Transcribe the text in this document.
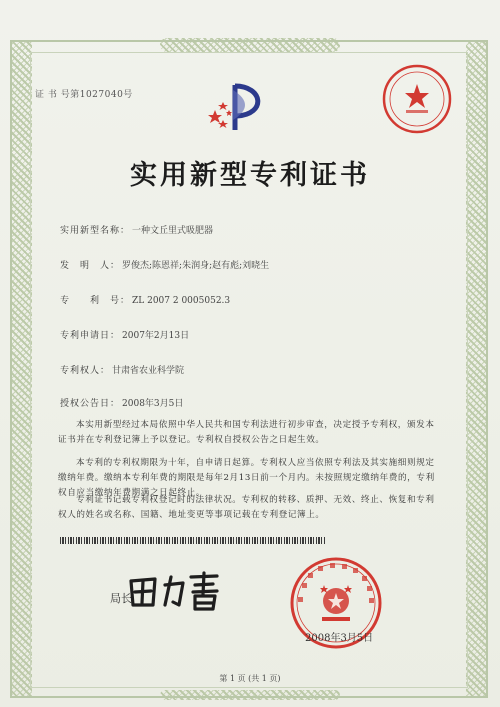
证 书 号第1027040号
实用新型专利证书
实用新型名称： 一种文丘里式吸肥器
发　明　人： 罗俊杰;陈恩祥;朱润身;赵有彪;刘晓生
专　　利　号： ZL 2007 2 0005052.3
专利申请日： 2007年2月13日
专利权人： 甘肃省农业科学院
授权公告日： 2008年3月5日
本实用新型经过本局依照中华人民共和国专利法进行初步审查，决定授予专利权，颁发本证书并在专利登记簿上予以登记。专利权自授权公告之日起生效。
本专利的专利权期限为十年，自申请日起算。专利权人应当依照专利法及其实施细则规定缴纳年费。缴纳本专利年费的期限是每年2月13日前一个月内。未按照规定缴纳年费的，专利权自应当缴纳年费期满之日起终止。
专利证书记载专利权登记时的法律状况。专利权的转移、质押、无效、终止、恢复和专利权人的姓名或名称、国籍、地址变更等事项记载在专利登记簿上。
局长
2008年3月5日
第 1 页 (共 1 页)
